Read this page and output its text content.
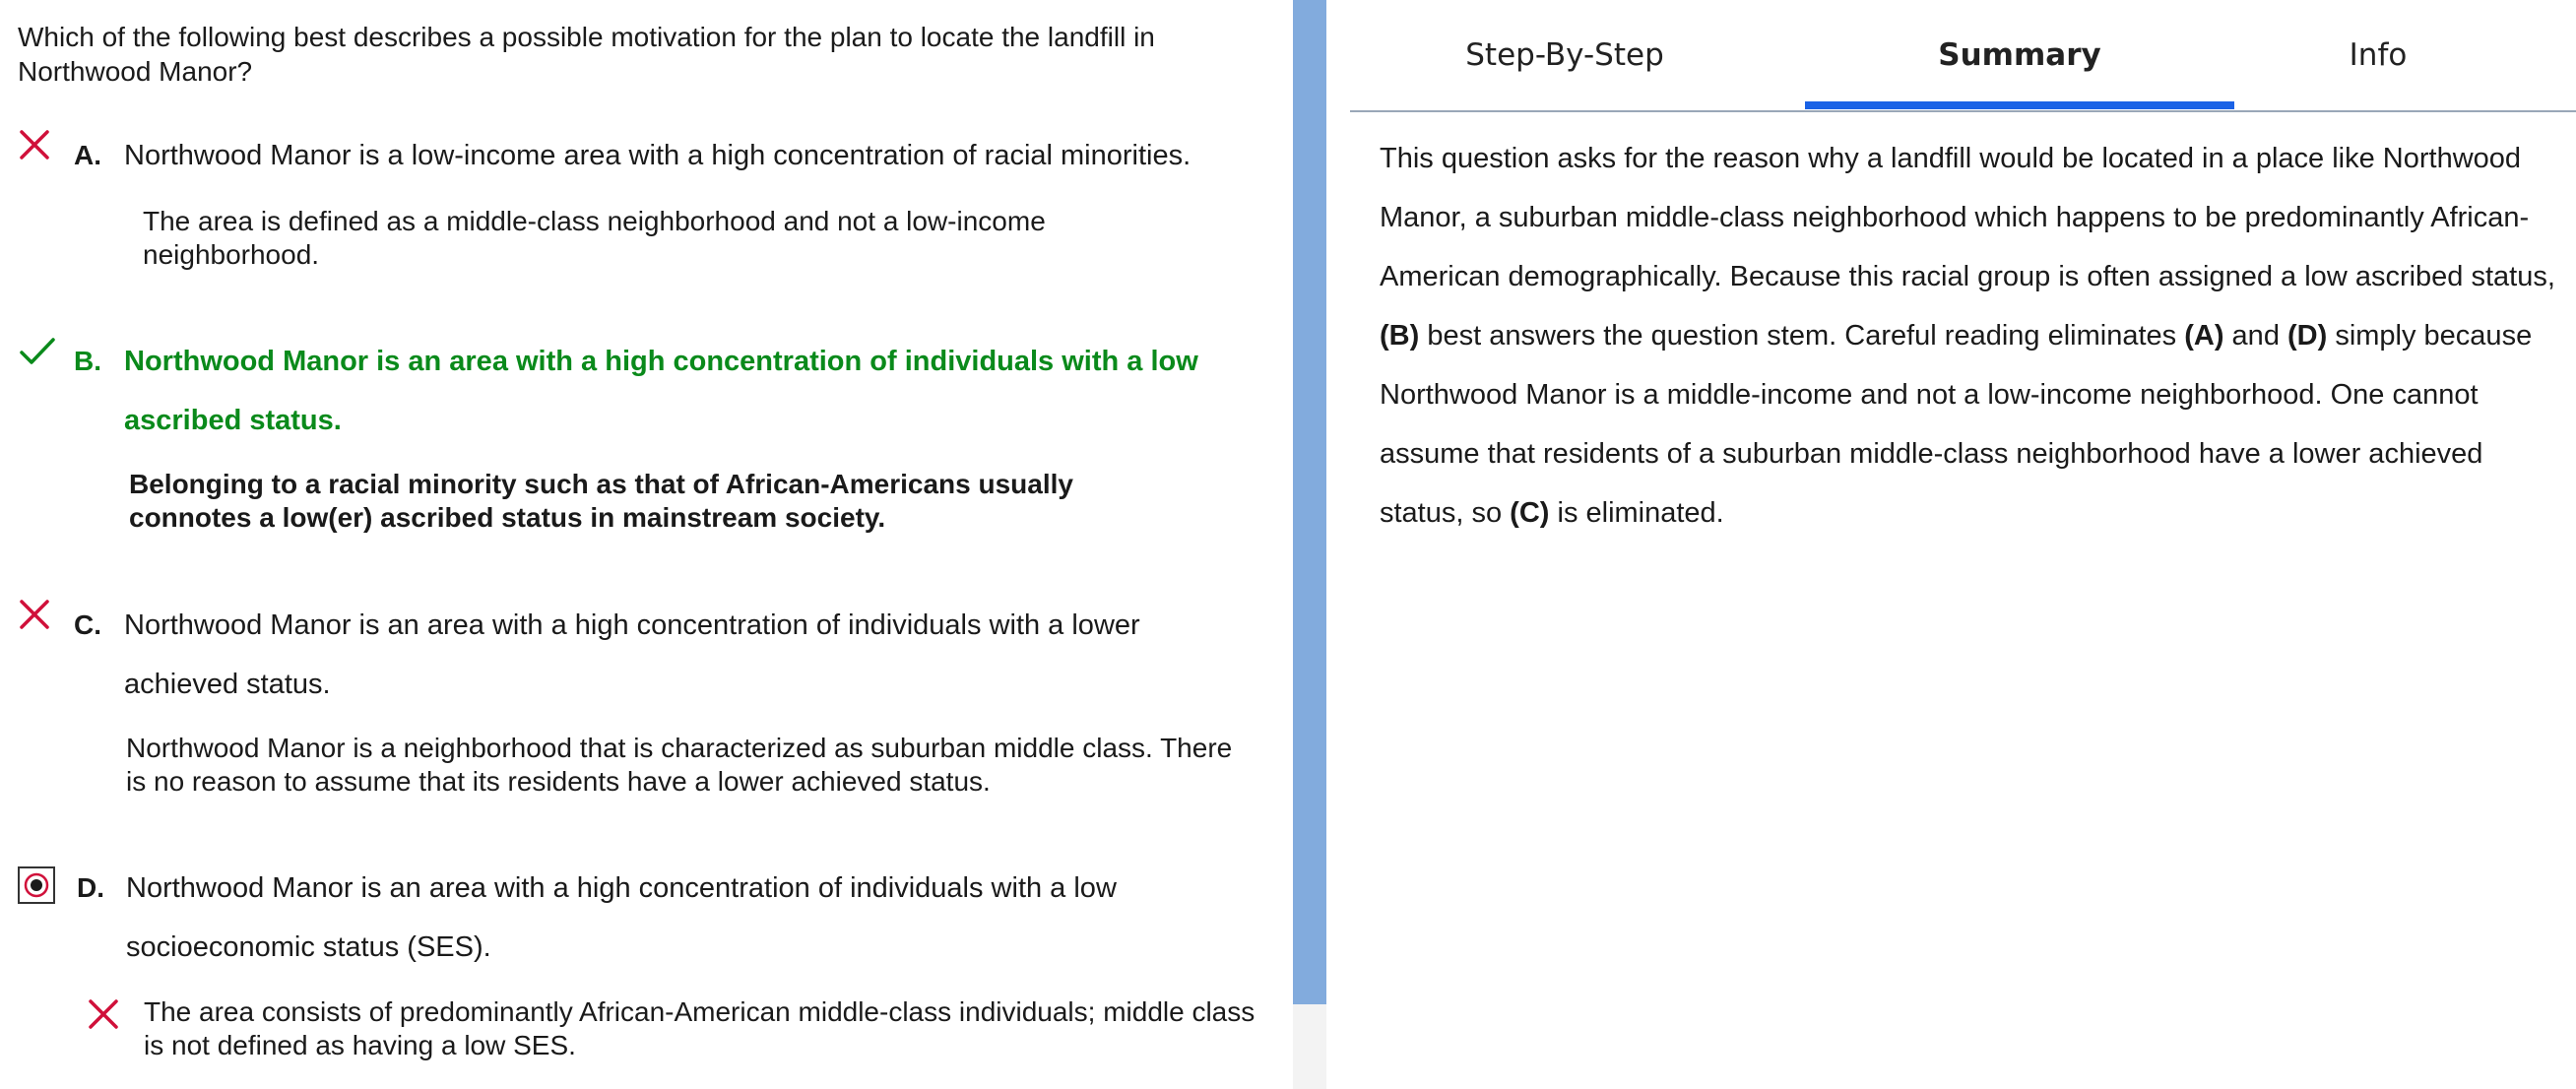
Which of the following best describes a possible motivation for the plan to locate the landfill in Northwood Manor?
A. Northwood Manor is a low-income area with a high concentration of racial minorities.
The area is defined as a middle-class neighborhood and not a low-income neighborhood.
B. Northwood Manor is an area with a high concentration of individuals with a low ascribed status.
Belonging to a racial minority such as that of African-Americans usually connotes a low(er) ascribed status in mainstream society.
C. Northwood Manor is an area with a high concentration of individuals with a lower achieved status.
Northwood Manor is a neighborhood that is characterized as suburban middle class. There is no reason to assume that its residents have a lower achieved status.
D. Northwood Manor is an area with a high concentration of individuals with a low socioeconomic status (SES).
The area consists of predominantly African-American middle-class individuals; middle class is not defined as having a low SES.
Step-By-Step	Summary	Info
This question asks for the reason why a landfill would be located in a place like Northwood Manor, a suburban middle-class neighborhood which happens to be predominantly African-American demographically. Because this racial group is often assigned a low ascribed status, (B) best answers the question stem. Careful reading eliminates (A) and (D) simply because Northwood Manor is a middle-income and not a low-income neighborhood. One cannot assume that residents of a suburban middle-class neighborhood have a lower achieved status, so (C) is eliminated.
